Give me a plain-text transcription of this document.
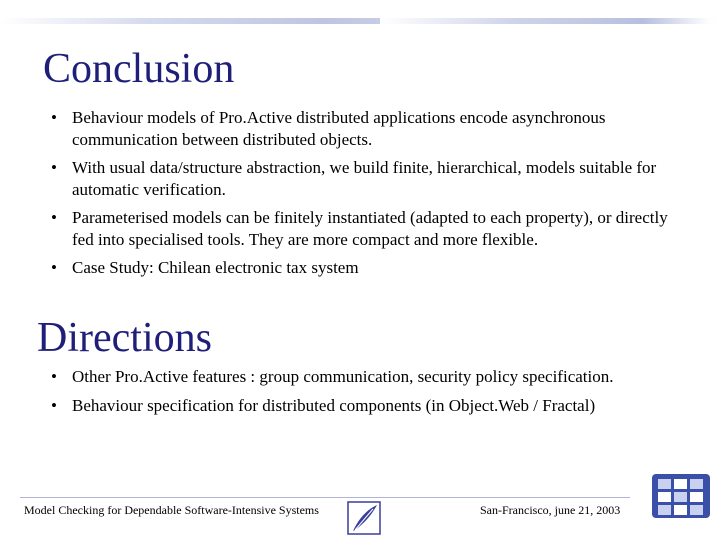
Conclusion
• Behaviour models of Pro.Active distributed applications encode asynchronous communication between distributed objects.
• With usual data/structure abstraction, we build finite, hierarchical, models suitable for automatic verification.
• Parameterised models can be finitely instantiated (adapted to each property), or directly fed into specialised tools. They are more compact and more flexible.
• Case Study: Chilean electronic tax system
Directions
• Other Pro.Active features : group communication, security policy specification.
• Behaviour specification for distributed components (in Object.Web / Fractal)
Model Checking for Dependable Software-Intensive Systems	San-Francisco, june 21, 2003
